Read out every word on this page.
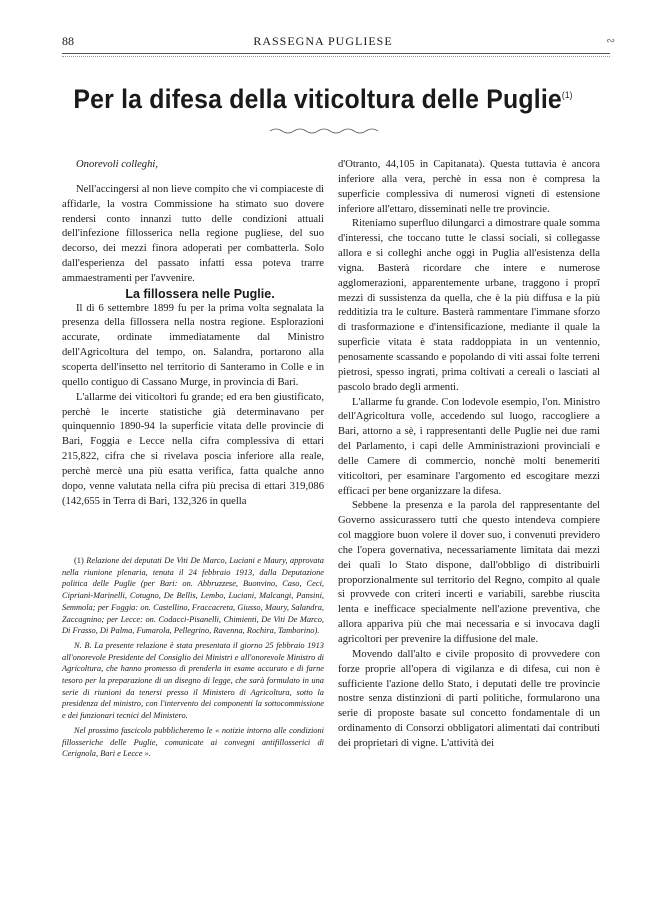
88	RASSEGNA PUGLIESE	∾
Per la difesa della viticoltura delle Puglie$^{(1)}$

Onorevoli colleghi,

Nell'accingersi al non lieve compito che vi compiaceste di affidarle, la vostra Commissione ha stimato suo dovere rendersi conto innanzi tutto delle condizioni attuali dell'infezione fillosserica nella regione pugliese, del suo decorso, dei mezzi finora adoperati per combatterla. Solo dall'esperienza del passato infatti essa poteva trarre ammaestramenti per l'avvenire.

La fillossera nelle Puglie.

Il dì 6 settembre 1899 fu per la prima volta segnalata la presenza della fillossera nella nostra regione. Esplorazioni accurate, ordinate immediatamente dal Ministro dell'Agricoltura del tempo, on. Salandra, portarono alla scoperta dell'insetto nel territorio di Santeramo in Colle e in quello contiguo di Cassano Murge, in provincia di Bari.

L'allarme dei viticoltori fu grande; ed era ben giustificato, perchè le incerte statistiche già determinavano per quinquennio 1890-94 la superficie vitata delle provincie di Bari, Foggia e Lecce nella cifra complessiva di ettari 215,822, cifra che si rivelava poscia inferiore alla reale, perchè mercè una più esatta verifica, fatta qualche anno dopo, venne valutata nella cifra più precisa di ettari 319,086 (142,655 in Terra di Bari, 132,326 in quella

(1) Relazione dei deputati De Viti De Marco, Luciani e Maury, approvata nella riunione plenaria, tenuta il 24 febbraio 1913, dalla Deputazione politica delle Puglie (per Bari: on. Abbruzzese, Buonvino, Caso, Ceci, Cipriani-Marinelli, Cotugno, De Bellis, Lembo, Luciani, Malcangi, Pansini, Semmola; per Foggia: on. Castellino, Fraccacreta, Giusso, Maury, Salandra, Zaccagnino; per Lecce: on. Codacci-Pisanelli, Chimienti, De Viti De Marco, Di Frasso, Di Palma, Fumarola, Pellegrino, Ravenna, Rochira, Tamborino).

N. B. La presente relazione è stata presentata il giorno 25 febbraio 1913 all'onorevole Presidente del Consiglio dei Ministri e all'onorevole Ministro di Agricoltura, che hanno promesso di prenderla in esame accurato e di farne tesoro per la preparazione di un disegno di legge, che sarà formulato in una serie di riunioni da tenersi presso il Ministero di Agricoltura, sotto la presidenza del ministro, con l'intervento dei componenti la sottocommissione e dei funzionari tecnici del Ministero.

Nel prossimo fascicolo pubblicheremo le « notizie intorno alle condizioni fillosseriche delle Puglie, comunicate ai convegni antifillosserici di Cerignola, Bari e Lecce ».

d'Otranto, 44,105 in Capitanata). Questa tuttavia è ancora inferiore alla vera, perchè in essa non è compresa la superficie complessiva di numerosi vigneti di estensione inferiore all'ettaro, disseminati nelle tre provincie.

Riteniamo superfluo dilungarci a dimostrare quale somma d'interessi, che toccano tutte le classi sociali, si collegasse allora e si colleghi anche oggi in Puglia all'esistenza della vigna. Basterà ricordare che intere e numerose agglomerazioni, apparentemente urbane, traggono i proprî mezzi di sussistenza da quella, che è la più diffusa e la più redditizia tra le culture. Basterà rammentare l'immane sforzo di trasformazione e d'intensificazione, mediante il quale la superficie vitata è stata raddoppiata in un ventennio, penosamente scassando e popolando di viti assai folte terreni pietrosi, spesso ingrati, prima coltivati a cereali o lasciati al pascolo brado degli armenti.

L'allarme fu grande. Con lodevole esempio, l'on. Ministro dell'Agricoltura volle, accedendo sul luogo, raccogliere a Bari, attorno a sè, i rappresentanti delle Puglie nei due rami del Parlamento, i capi delle Amministrazioni provinciali e delle Camere di commercio, nonchè molti benemeriti viticoltori, per esaminare l'argomento ed escogitare mezzi efficaci per bene organizzare la difesa.

Sebbene la presenza e la parola del rappresentante del Governo assicurassero tutti che questo intendeva compiere col maggiore buon volere il dover suo, i convenuti previdero che l'opera governativa, necessariamente limitata dai mezzi dei quali lo Stato dispone, dall'obbligo di distribuirli proporzionalmente sul territorio del Regno, compito al quale si provvede con criteri incerti e variabili, sarebbe riuscita lenta e inefficace specialmente nell'azione preventiva, che allora appariva più che mai necessaria e si invocava dagli agricoltori per prevenire la diffusione del male.

Movendo dall'alto e civile proposito di provvedere con forze proprie all'opera di vigilanza e di difesa, cui non è sufficiente l'azione dello Stato, i deputati delle tre provincie nostre senza distinzioni di parti politiche, formularono una serie di proposte basate sul concetto fondamentale di un ordinamento di Consorzi obbligatori alimentati dai contributi dei proprietari di vigne. L'attività dei
